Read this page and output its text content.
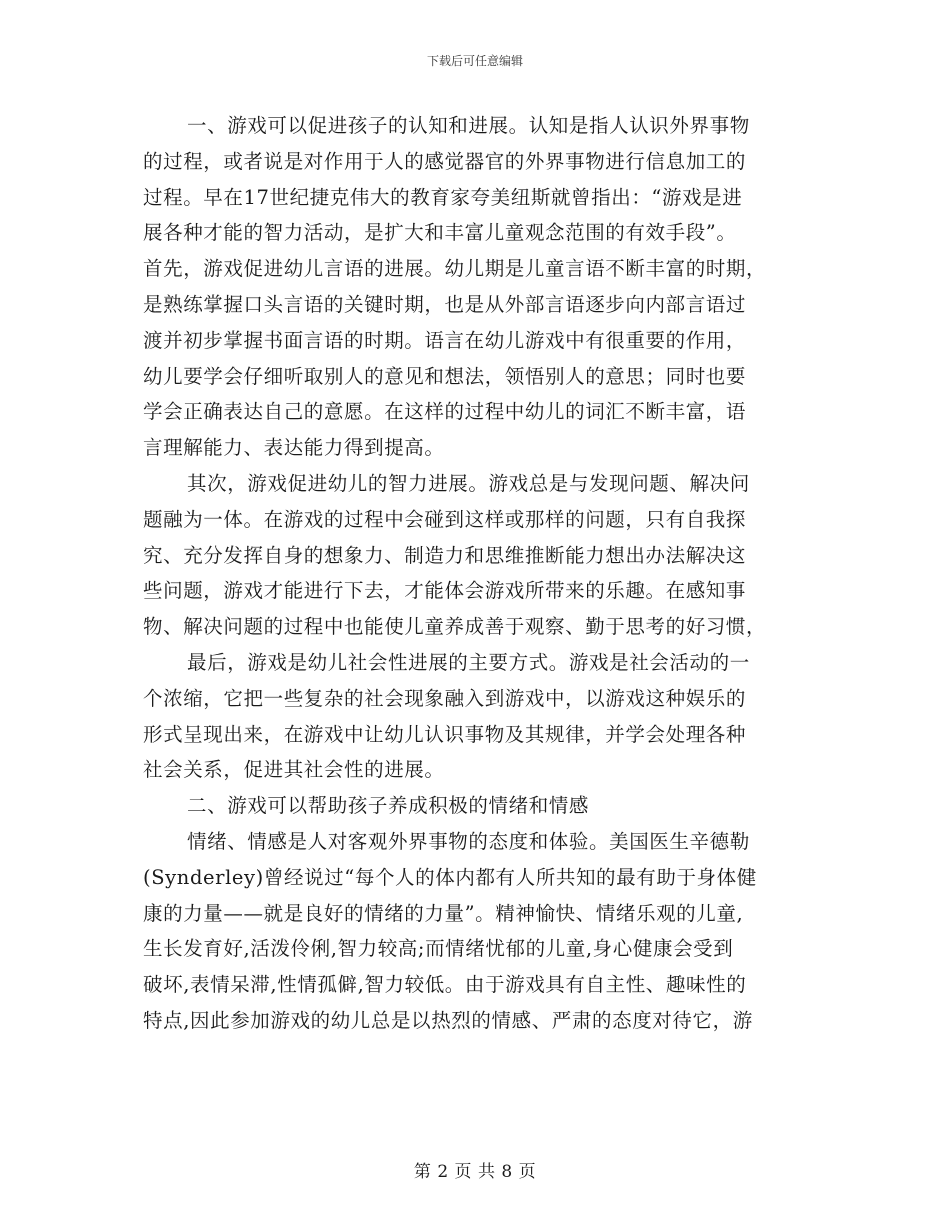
下载后可任意编辑
一、游戏可以促进孩子的认知和进展。认知是指人认识外界事物
的过程，或者说是对作用于人的感觉器官的外界事物进行信息加工的
过程。早在17世纪捷克伟大的教育家夸美纽斯就曾指出：“游戏是进
展各种才能的智力活动，是扩大和丰富儿童观念范围的有效手段”。
首先，游戏促进幼儿言语的进展。幼儿期是儿童言语不断丰富的时期，
是熟练掌握口头言语的关键时期，也是从外部言语逐步向内部言语过
渡并初步掌握书面言语的时期。语言在幼儿游戏中有很重要的作用，
幼儿要学会仔细听取别人的意见和想法，领悟别人的意思；同时也要
学会正确表达自己的意愿。在这样的过程中幼儿的词汇不断丰富，语
言理解能力、表达能力得到提高。
其次，游戏促进幼儿的智力进展。游戏总是与发现问题、解决问
题融为一体。在游戏的过程中会碰到这样或那样的问题，只有自我探
究、充分发挥自身的想象力、制造力和思维推断能力想出办法解决这
些问题，游戏才能进行下去，才能体会游戏所带来的乐趣。在感知事
物、解决问题的过程中也能使儿童养成善于观察、勤于思考的好习惯，
最后，游戏是幼儿社会性进展的主要方式。游戏是社会活动的一
个浓缩，它把一些复杂的社会现象融入到游戏中，以游戏这种娱乐的
形式呈现出来，在游戏中让幼儿认识事物及其规律，并学会处理各种
社会关系，促进其社会性的进展。
二、游戏可以帮助孩子养成积极的情绪和情感
情绪、情感是人对客观外界事物的态度和体验。美国医生辛德勒
(Synderley)曾经说过“每个人的体内都有人所共知的最有助于身体健
康的力量——就是良好的情绪的力量”。精神愉快、情绪乐观的儿童,
生长发育好,活泼伶俐,智力较高;而情绪忧郁的儿童,身心健康会受到
破坏,表情呆滞,性情孤僻,智力较低。由于游戏具有自主性、趣味性的
特点,因此参加游戏的幼儿总是以热烈的情感、严肃的态度对待它，游
第 2 页 共 8 页
